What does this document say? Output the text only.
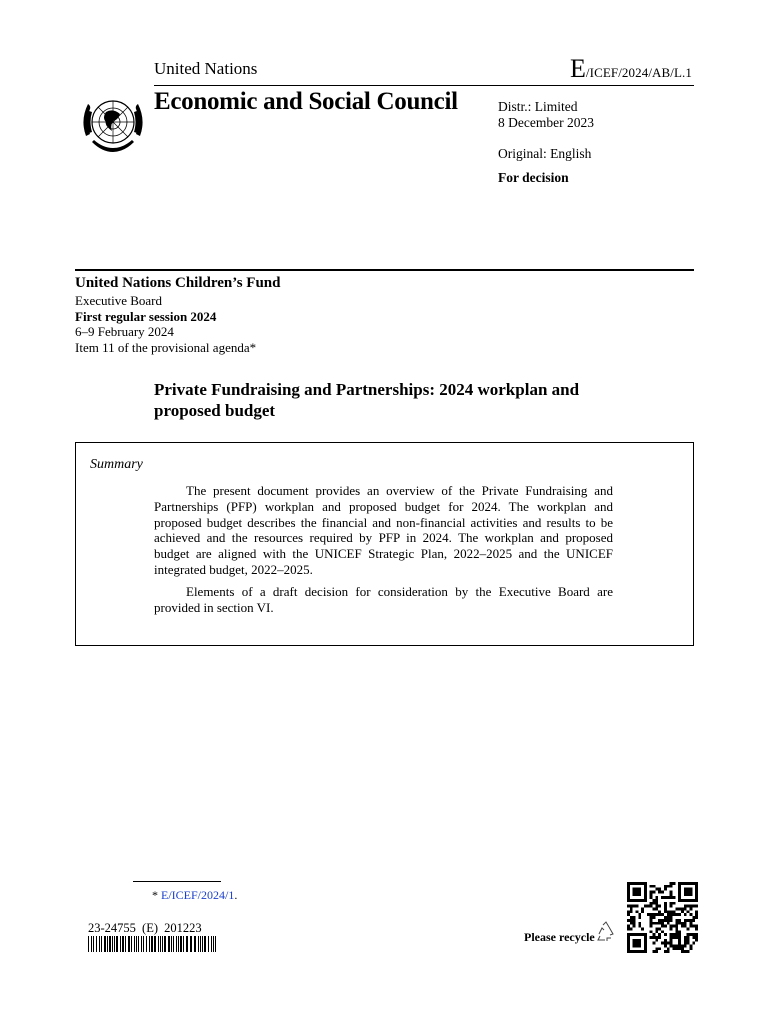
United Nations	E/ICEF/2024/AB/L.1
Economic and Social Council	Distr.: Limited
8 December 2023
Original: English
For decision
United Nations Children’s Fund
Executive Board
First regular session 2024
6–9 February 2024
Item 11 of the provisional agenda*
Private Fundraising and Partnerships: 2024 workplan and proposed budget
Summary

The present document provides an overview of the Private Fundraising and Partnerships (PFP) workplan and proposed budget for 2024. The workplan and proposed budget describes the financial and non-financial activities and results to be achieved and the resources required by PFP in 2024. The workplan and proposed budget are aligned with the UNICEF Strategic Plan, 2022–2025 and the UNICEF integrated budget, 2022–2025.

Elements of a draft decision for consideration by the Executive Board are provided in section VI.

* E/ICEF/2024/1.
23-24755 (E) 201223
Please recycle
